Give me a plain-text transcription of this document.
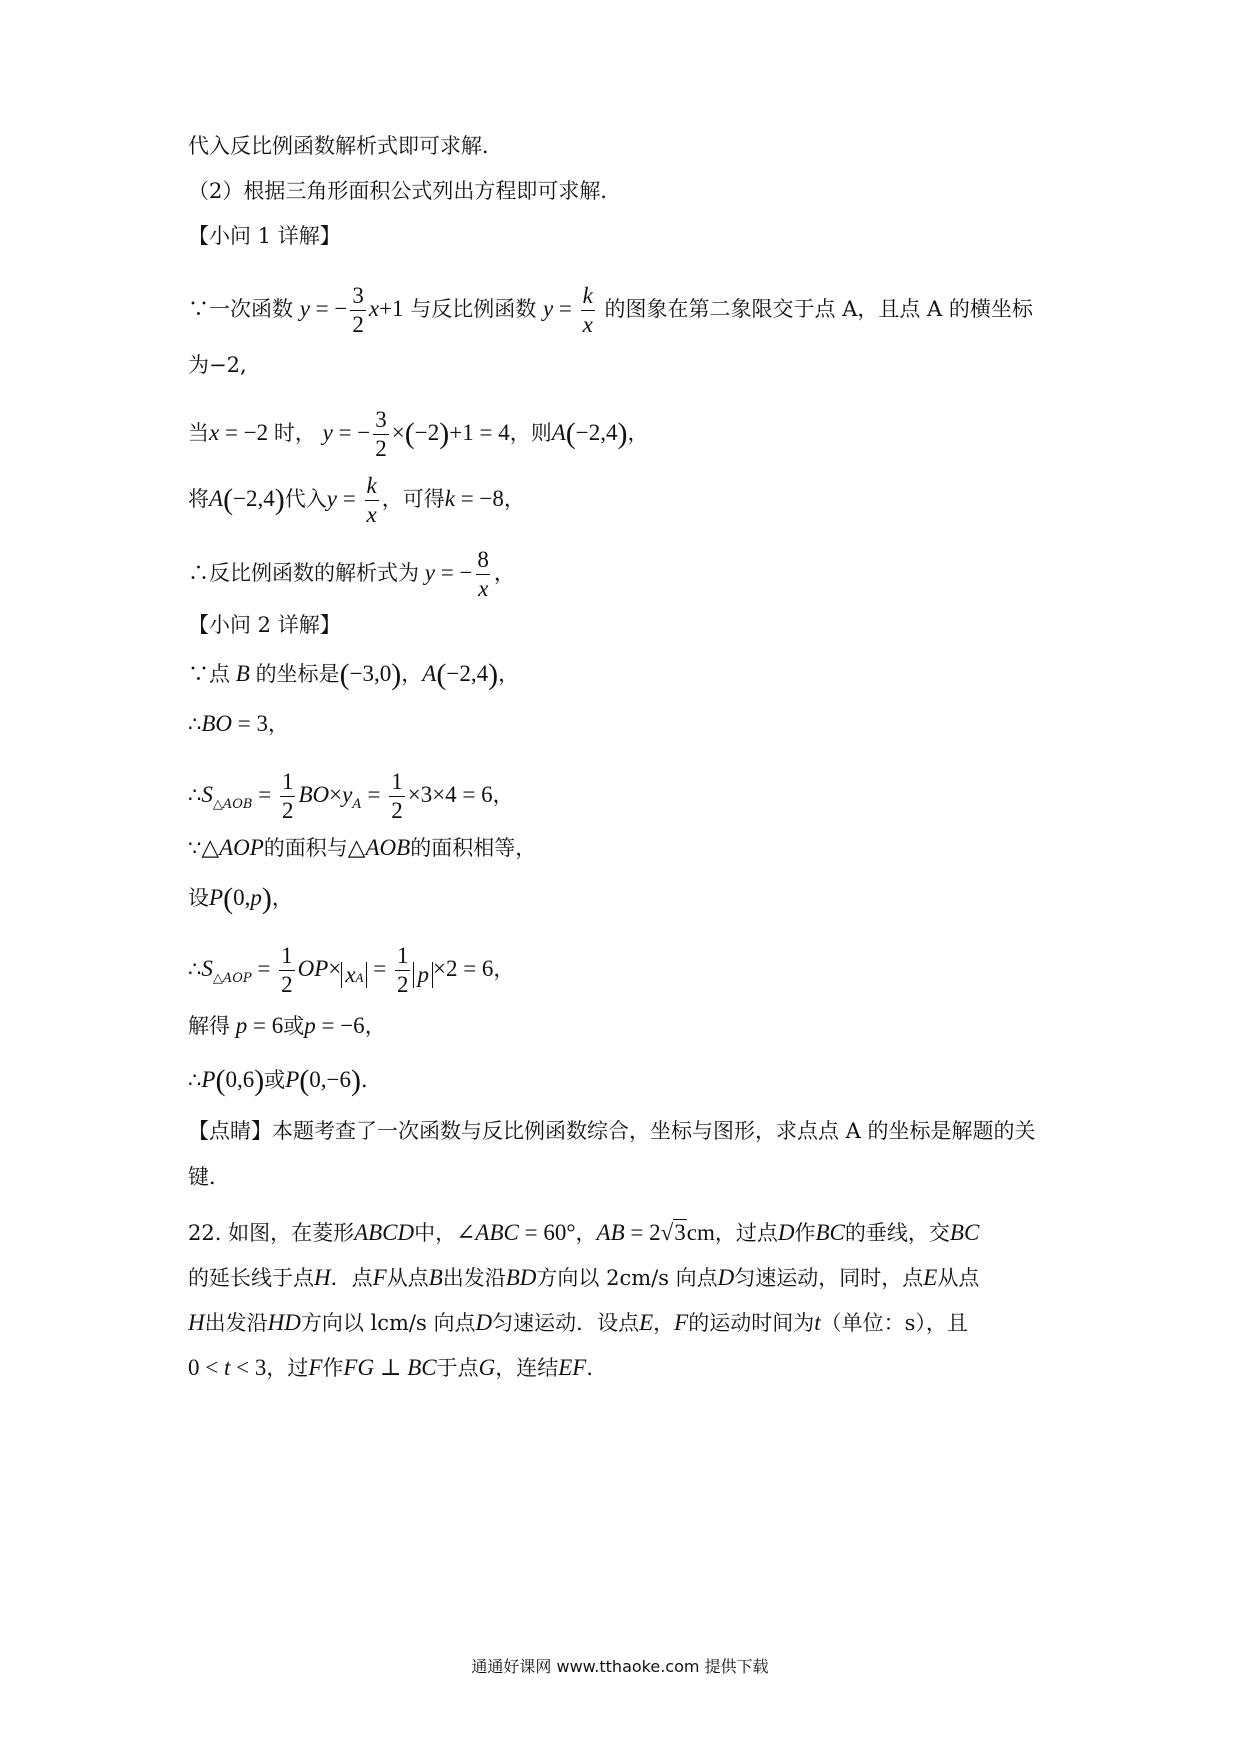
代入反比例函数解析式即可求解．
（2）根据三角形面积公式列出方程即可求解．
【小问 1 详解】
∵一次函数 y = − $\frac{3}{2} x+1$ 与反比例函数 $y = \frac{k}{x}$ 的图象在第二象限交于点 A，且点 A 的横坐标
为−2,
当x = −2 时， y = − $\frac{3}{2} \times(-2)+1 = 4$，则A(−2,4)，
将A(−2,4)代入$y = \frac{k}{x}$ ，可得k = −8，
∴反比例函数的解析式为 y = − $\frac{8}{x}$ ，
【小问 2 详解】
∵点 B 的坐标是(−3,0)，A(−2,4)，
∴BO = 3，
$\therefore S_{\triangle AOB} = \frac{1}{2} BO\times y_A = \frac{1}{2} \times 3\times 4 = 6$，
∵△AOP的面积与△AOB的面积相等，
设P(0,p)，
$\therefore S_{\triangle AOP} = \frac{1}{2} OP\times$ xA = $\frac{1}{2}$ p ×2 = 6，
解得 p = 6或p = −6，
∴P(0,6)或P(0,−6)．
【点睛】本题考查了一次函数与反比例函数综合，坐标与图形，求点点 A 的坐标是解题的关
键．
22. 如图，在菱形ABCD中，∠ABC = 60°，AB = 2√3cm，过点D作BC的垂线，交BC
的延长线于点H．点F从点B出发沿BD方向以 2cm/s 向点D匀速运动，同时，点E从点
H出发沿HD方向以 lcm/s 向点D匀速运动．设点E，F的运动时间为t（单位：s），且
0 < t < 3，过F作FG ⊥ BC于点G，连结EF．
通通好课网 www.tthaoke.com 提供下载
